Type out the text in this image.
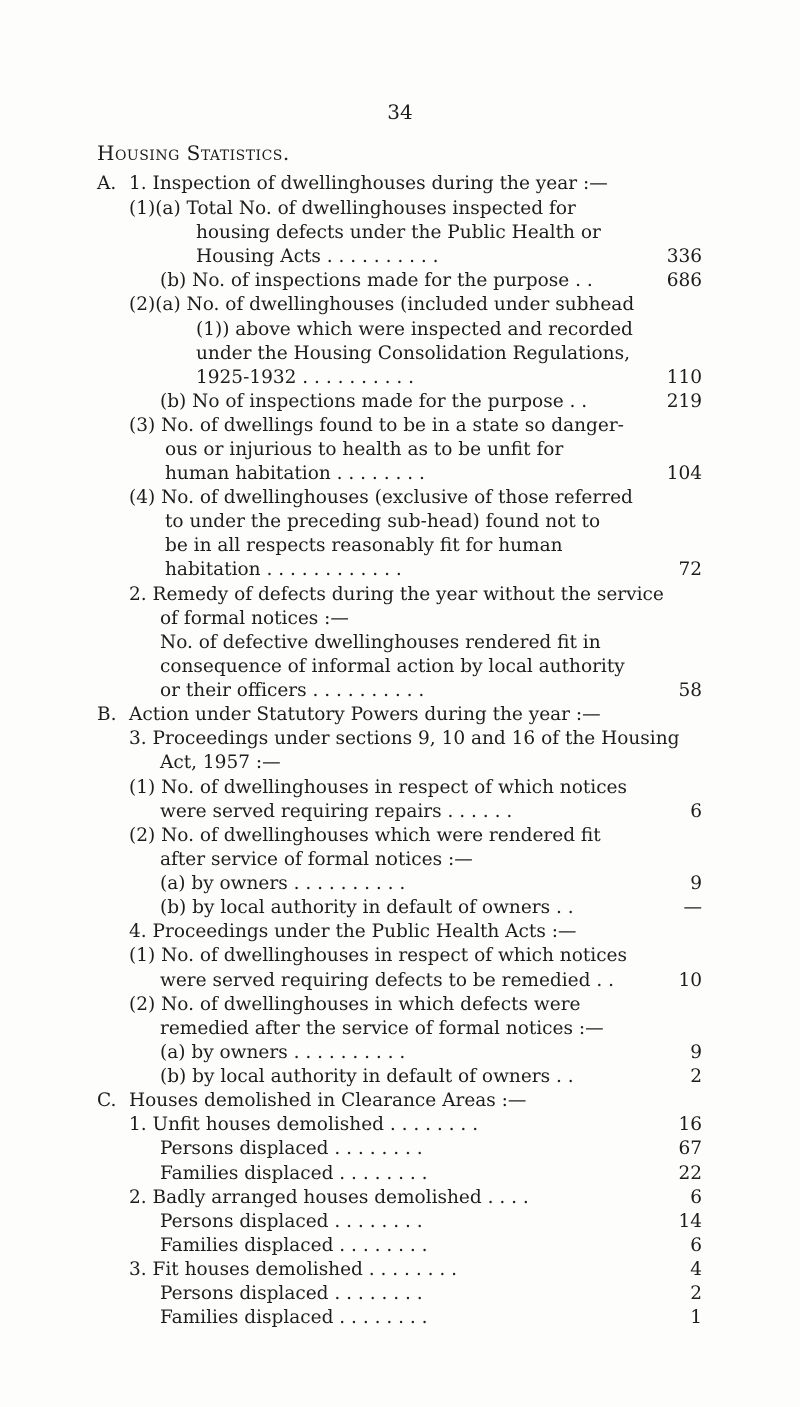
34
Housing Statistics.
A. 1. Inspection of dwellinghouses during the year :—
(1)(a) Total No. of dwellinghouses inspected for
housing defects under the Public Health or
Housing Acts . . . . . . . . . .	336
(b) No. of inspections made for the purpose . .	686
(2)(a) No. of dwellinghouses (included under subhead
(1)) above which were inspected and recorded
under the Housing Consolidation Regulations,
1925-1932 . . . . . . . . . .	110
(b) No of inspections made for the purpose . .	219
(3) No. of dwellings found to be in a state so danger-
ous or injurious to health as to be unfit for
human habitation . . . . . . . .	104
(4) No. of dwellinghouses (exclusive of those referred
to under the preceding sub-head) found not to
be in all respects reasonably fit for human
habitation . . . . . . . . . . . .	72
2. Remedy of defects during the year without the service
of formal notices :—
No. of defective dwellinghouses rendered fit in
consequence of informal action by local authority
or their officers . . . . . . . . . .	58
B. Action under Statutory Powers during the year :—
3. Proceedings under sections 9, 10 and 16 of the Housing
Act, 1957 :—
(1) No. of dwellinghouses in respect of which notices
were served requiring repairs . . . . . .	6
(2) No. of dwellinghouses which were rendered fit
after service of formal notices :—
(a) by owners . . . . . . . . . .	9
(b) by local authority in default of owners . .	—
4. Proceedings under the Public Health Acts :—
(1) No. of dwellinghouses in respect of which notices
were served requiring defects to be remedied . .	10
(2) No. of dwellinghouses in which defects were
remedied after the service of formal notices :—
(a) by owners . . . . . . . . . .	9
(b) by local authority in default of owners . .	2
C. Houses demolished in Clearance Areas :—
1. Unfit houses demolished . . . . . . . .	16
Persons displaced . . . . . . . .	67
Families displaced . . . . . . . .	22
2. Badly arranged houses demolished . . . .	6
Persons displaced . . . . . . . .	14
Families displaced . . . . . . . .	6
3. Fit houses demolished . . . . . . . .	4
Persons displaced . . . . . . . .	2
Families displaced . . . . . . . .	1
